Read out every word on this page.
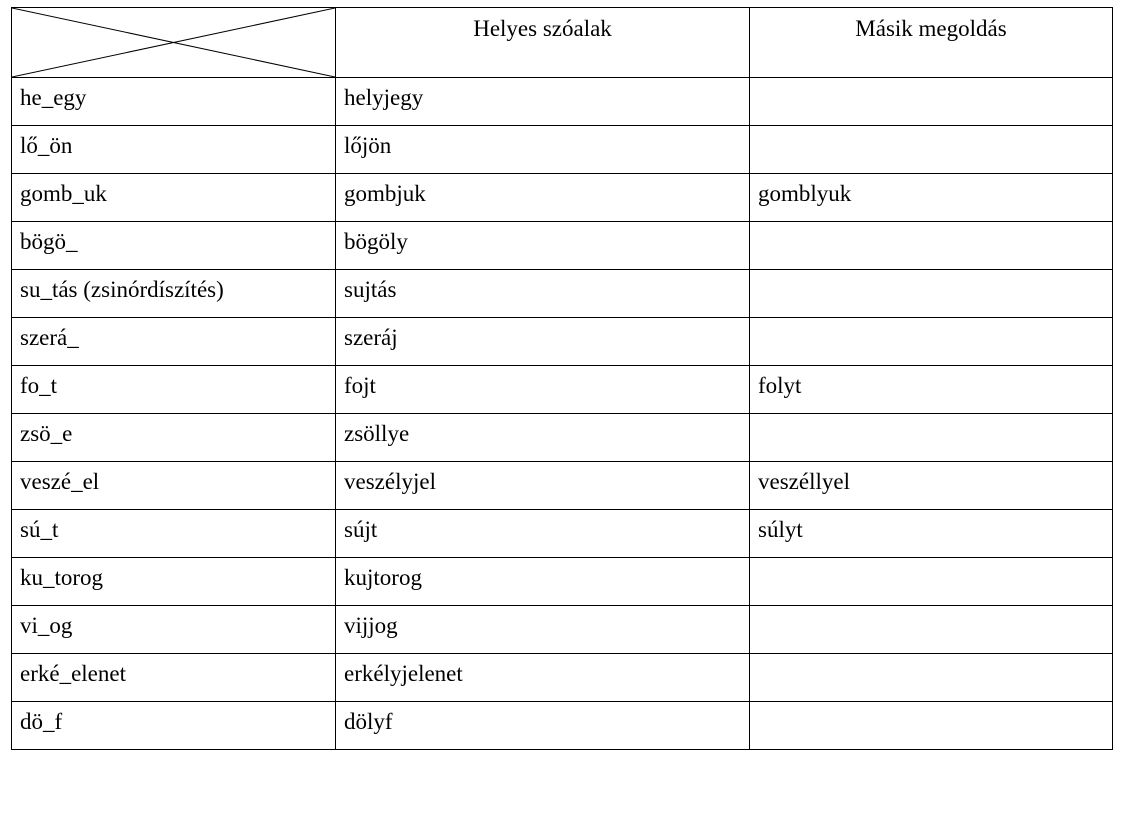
	Helyes szóalak	Másik megoldás
he_egy	helyjegy	
lő_ön	lőjön	
gomb_uk	gombjuk	gomblyuk
bögö_	bögöly	
su_tás (zsinórdíszítés)	sujtás	
szerá_	szeráj	
fo_t	fojt	folyt
zsö_e	zsöllye	
veszé_el	veszélyjel	veszéllyel
sú_t	sújt	súlyt
ku_torog	kujtorog	
vi_og	vijjog	
erké_elenet	erkélyjelenet	
dö_f	dölyf	
